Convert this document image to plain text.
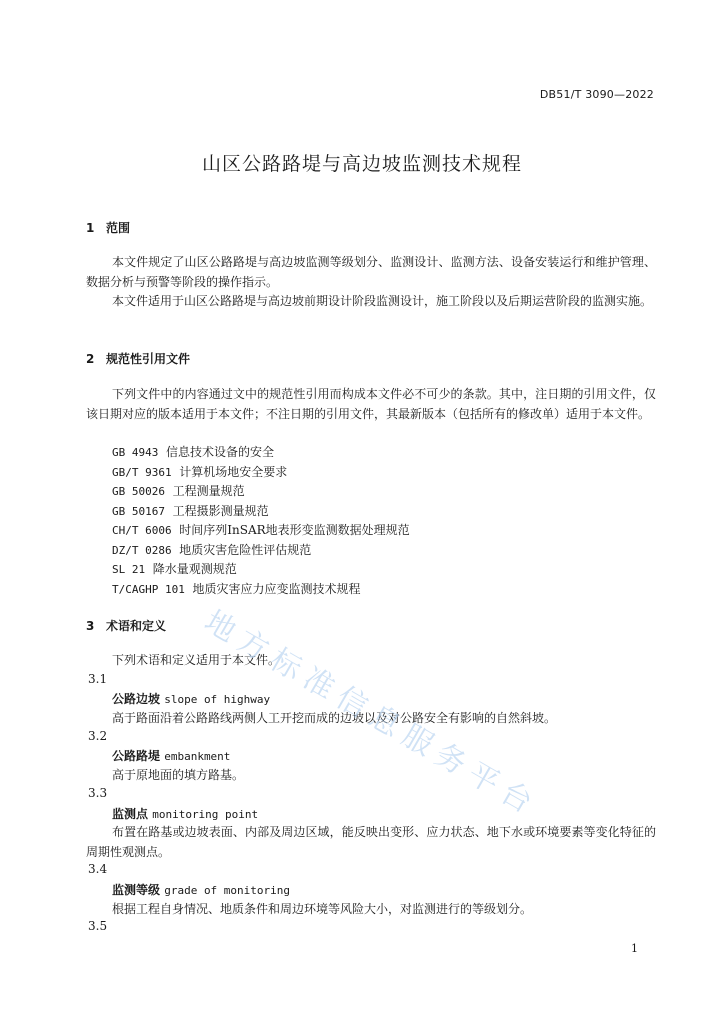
DB51/T 3090—2022
山区公路路堤与高边坡监测技术规程
1 范围
本文件规定了山区公路路堤与高边坡监测等级划分、监测设计、监测方法、设备安装运行和维护管理、数据分析与预警等阶段的操作指示。
本文件适用于山区公路路堤与高边坡前期设计阶段监测设计，施工阶段以及后期运营阶段的监测实施。
2 规范性引用文件
下列文件中的内容通过文中的规范性引用而构成本文件必不可少的条款。其中，注日期的引用文件，仅该日期对应的版本适用于本文件；不注日期的引用文件，其最新版本（包括所有的修改单）适用于本文件。
GB 4943 信息技术设备的安全
GB/T 9361 计算机场地安全要求
GB 50026 工程测量规范
GB 50167 工程摄影测量规范
CH/T 6006 时间序列InSAR地表形变监测数据处理规范
DZ/T 0286 地质灾害危险性评估规范
SL 21 降水量观测规范
T/CAGHP 101 地质灾害应力应变监测技术规程
3 术语和定义
下列术语和定义适用于本文件。
3.1
公路边坡 slope of highway
高于路面沿着公路路线两侧人工开挖而成的边坡以及对公路安全有影响的自然斜坡。
3.2
公路路堤 embankment
高于原地面的填方路基。
3.3
监测点 monitoring point
布置在路基或边坡表面、内部及周边区域，能反映出变形、应力状态、地下水或环境要素等变化特征的周期性观测点。
3.4
监测等级 grade of monitoring
根据工程自身情况、地质条件和周边环境等风险大小，对监测进行的等级划分。
3.5
地方标准信息服务平台
1
